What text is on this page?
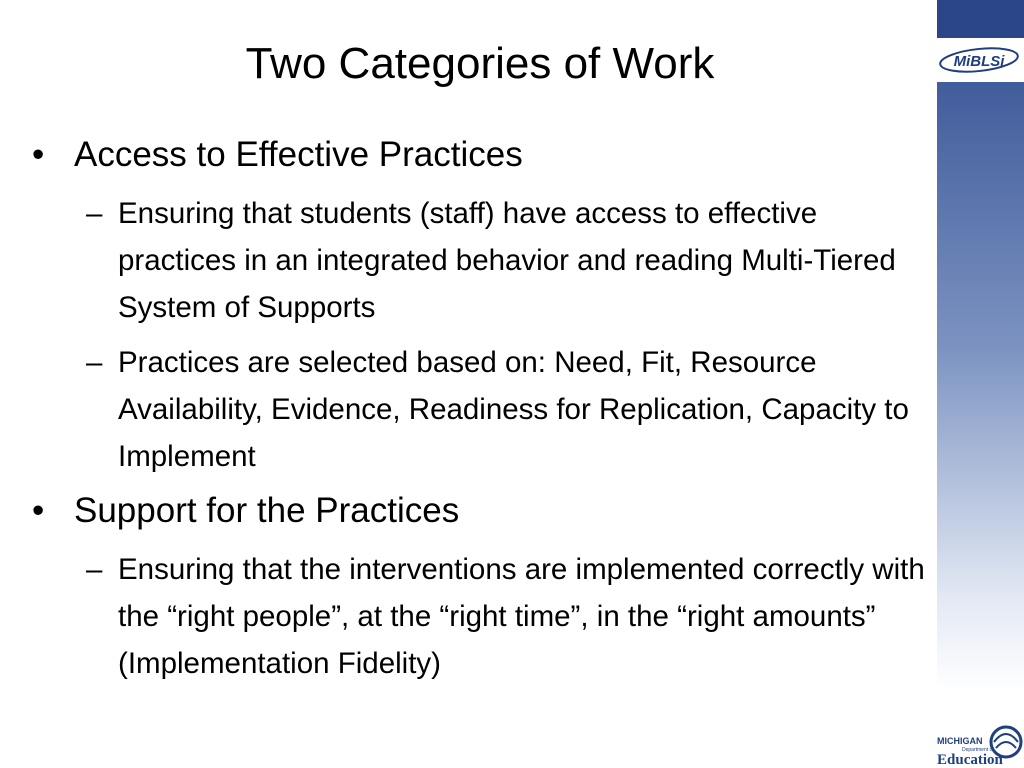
MiBLSi
Two Categories of Work
• Access to Effective Practices
– Ensuring that students (staff) have access to effective practices in an integrated behavior and reading Multi-Tiered System of Supports
– Practices are selected based on: Need, Fit, Resource Availability, Evidence, Readiness for Replication, Capacity to Implement
• Support for the Practices
– Ensuring that the interventions are implemented correctly with the “right people”, at the “right time”, in the “right amounts” (Implementation Fidelity)
MICHIGAN
Department of
Education
